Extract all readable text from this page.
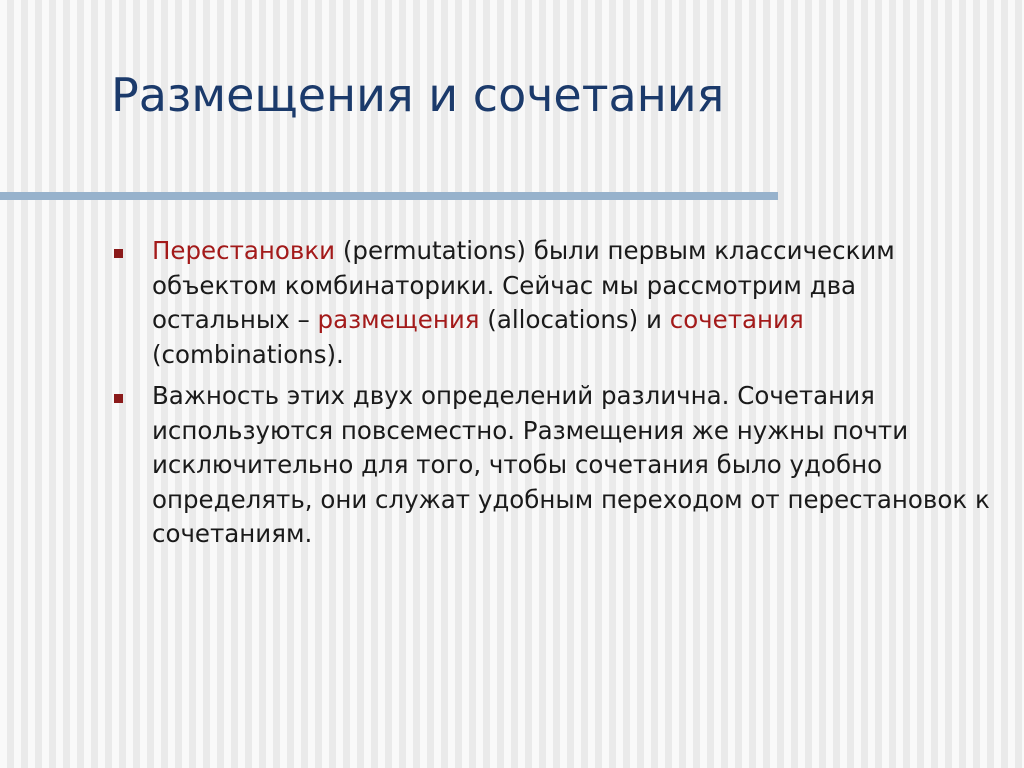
Размещения и сочетания
Перестановки (permutations) были первым классическим объектом комбинаторики. Сейчас мы рассмотрим два остальных – размещения (allocations) и сочетания (combinations).
Важность этих двух определений различна. Сочетания используются повсеместно. Размещения же нужны почти исключительно для того, чтобы сочетания было удобно определять, они служат удобным переходом от перестановок к сочетаниям.
